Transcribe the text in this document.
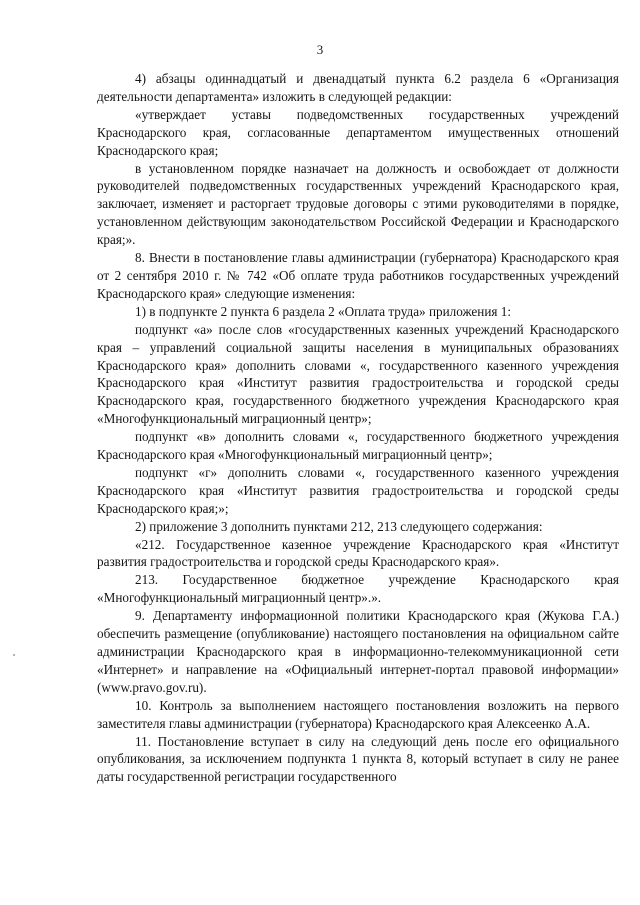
3

4) абзацы одиннадцатый и двенадцатый пункта 6.2 раздела 6 «Организация деятельности департамента» изложить в следующей редакции:

«утверждает уставы подведомственных государственных учреждений Краснодарского края, согласованные департаментом имущественных отношений Краснодарского края;

в установленном порядке назначает на должность и освобождает от должности руководителей подведомственных государственных учреждений Краснодарского края, заключает, изменяет и расторгает трудовые договоры с этими руководителями в порядке, установленном действующим законодательством Российской Федерации и Краснодарского края;».

8. Внести в постановление главы администрации (губернатора) Краснодарского края от 2 сентября 2010 г. № 742 «Об оплате труда работников государственных учреждений Краснодарского края» следующие изменения:

1) в подпункте 2 пункта 6 раздела 2 «Оплата труда» приложения 1:

подпункт «а» после слов «государственных казенных учреждений Краснодарского края – управлений социальной защиты населения в муниципальных образованиях Краснодарского края» дополнить словами «, государственного казенного учреждения Краснодарского края «Институт развития градостроительства и городской среды Краснодарского края, государственного бюджетного учреждения Краснодарского края «Многофункциональный миграционный центр»;

подпункт «в» дополнить словами «, государственного бюджетного учреждения Краснодарского края «Многофункциональный миграционный центр»;

подпункт «г» дополнить словами «, государственного казенного учреждения Краснодарского края «Институт развития градостроительства и городской среды Краснодарского края;»;

2) приложение 3 дополнить пунктами 212, 213 следующего содержания:

«212. Государственное казенное учреждение Краснодарского края «Институт развития градостроительства и городской среды Краснодарского края».

213. Государственное бюджетное учреждение Краснодарского края «Многофункциональный миграционный центр».».

9. Департаменту информационной политики Краснодарского края (Жукова Г.А.) обеспечить размещение (опубликование) настоящего постановления на официальном сайте администрации Краснодарского края в информационно-телекоммуникационной сети «Интернет» и направление на «Официальный интернет-портал правовой информации» (www.pravo.gov.ru).

10. Контроль за выполнением настоящего постановления возложить на первого заместителя главы администрации (губернатора) Краснодарского края Алексеенко А.А.

11. Постановление вступает в силу на следующий день после его официального опубликования, за исключением подпункта 1 пункта 8, который вступает в силу не ранее даты государственной регистрации государственного
